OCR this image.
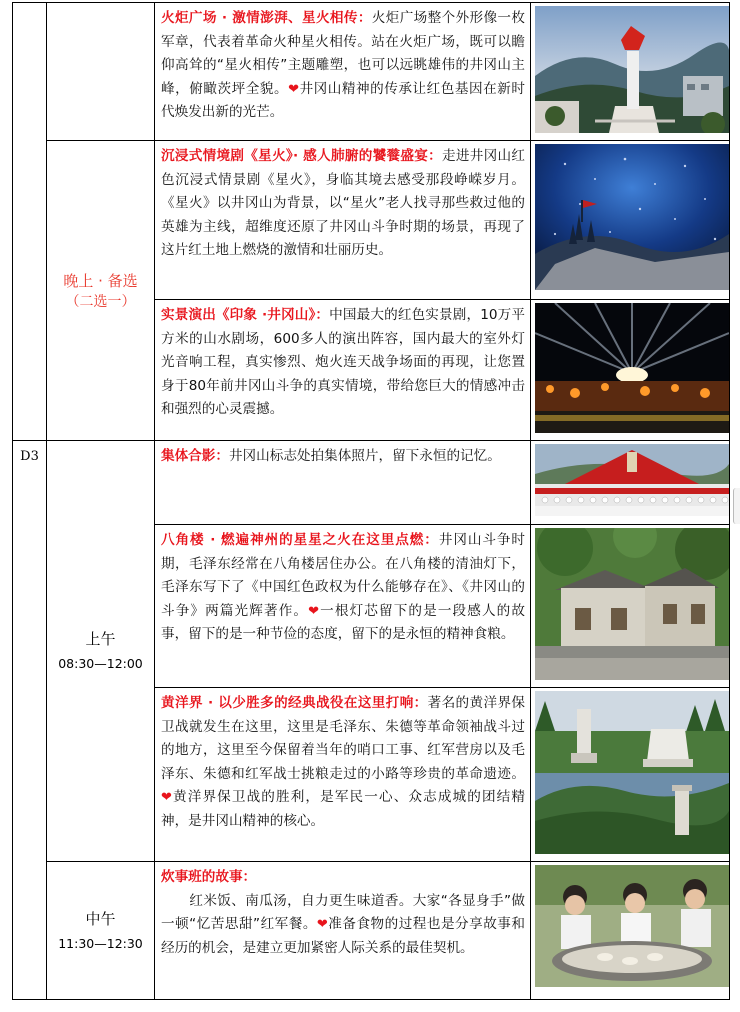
		火炬广场 · 激情澎湃、星火相传：火炬广场整个外形像一枚军章，代表着革命火种星火相传。站在火炬广场，既可以瞻仰高耸的“星火相传”主题雕塑，也可以远眺雄伟的井冈山主峰，俯瞰茨坪全貌。❤井冈山精神的传承让红色基因在新时代焕发出新的光芒。	

	晚上 · 备选
（二选一）	沉浸式情境剧《星火》· 感人肺腑的饕餮盛宴：走进井冈山红色沉浸式情景剧《星火》，身临其境去感受那段峥嵘岁月。《星火》以井冈山为背景，以“星火”老人找寻那些救过他的英雄为主线，超维度还原了井冈山斗争时期的场景，再现了这片红土地上燃烧的激情和壮丽历史。	

		实景演出《印象 ·井冈山》：中国最大的红色实景剧，10万平方米的山水剧场，600多人的演出阵容，国内最大的室外灯光音响工程，真实惨烈、炮火连天战争场面的再现，让您置身于80年前井冈山斗争的真实情境，带给您巨大的情感冲击和强烈的心灵震撼。	

D3	上午
08:30—12:00	集体合影：井冈山标志处拍集体照片，留下永恒的记忆。	

		八角楼 · 燃遍神州的星星之火在这里点燃：井冈山斗争时期，毛泽东经常在八角楼居住办公。在八角楼的清油灯下，毛泽东写下了《中国红色政权为什么能够存在》、《井冈山的斗争》两篇光辉著作。❤一根灯芯留下的是一段感人的故事，留下的是一种节俭的态度，留下的是永恒的精神食粮。	

		黄洋界 · 以少胜多的经典战役在这里打响：著名的黄洋界保卫战就发生在这里，这里是毛泽东、朱德等革命领袖战斗过的地方，这里至今保留着当年的哨口工事、红军营房以及毛泽东、朱德和红军战士挑粮走过的小路等珍贵的革命遗迹。❤黄洋界保卫战的胜利，是军民一心、众志成城的团结精神，是井冈山精神的核心。	

	中午
11:30—12:30	炊事班的故事：
红米饭、南瓜汤，自力更生味道香。大家“各显身手”做一顿“忆苦思甜”红军餐。❤准备食物的过程也是分享故事和经历的机会，是建立更加紧密人际关系的最佳契机。	
